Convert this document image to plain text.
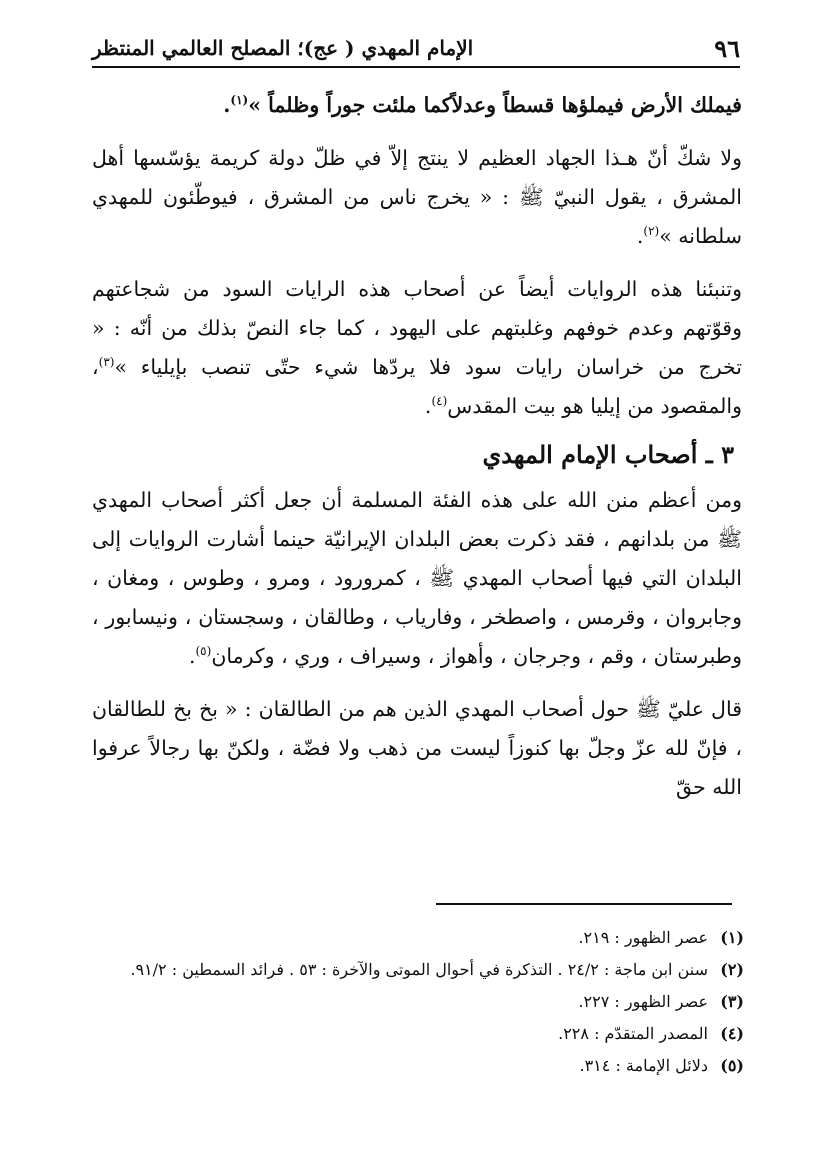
٩٦
الإمام المهدي ( عج)؛ المصلح العالمي المنتظر

فيملك الأرض فيملؤها قسطاً وعدلاًكما ملئت جوراً وظلماً »$^{(١)}$.

ولا شكّ أنّ هـذا الجهاد العظيم لا ينتج إلاّ في ظلّ دولة كريمة يؤسّسها أهل المشرق ، يقول النبيّ ﷺ : « يخرج ناس من المشرق ، فيوطّئون للمهدي سلطانه »$^{(٢)}$.

وتنبئنا هذه الروايات أيضاً عن أصحاب هذه الرايات السود من شجاعتهم وقوّتهم وعدم خوفهم وغلبتهم على اليهود ، كما جاء النصّ بذلك من أنّه : « تخرج من خراسان رايات سود فلا يردّها شيء حتّى تنصب بإيلياء »$^{(٣)}$، والمقصود من إيليا هو بيت المقدس$^{(٤)}$.

٣ ـ أصحاب الإمام المهدي

ومن أعظم منن الله على هذه الفئة المسلمة أن جعل أكثر أصحاب المهدي ﷺ من بلدانهم ، فقد ذكرت بعض البلدان الإيرانيّة حينما أشارت الروايات إلى البلدان التي فيها أصحاب المهدي ﷺ ، كمرورود ، ومرو ، وطوس ، ومغان ، وجابروان ، وقرمس ، واصطخر ، وفارياب ، وطالقان ، وسجستان ، ونيسابور ، وطبرستان ، وقم ، وجرجان ، وأهواز ، وسيراف ، وري ، وكرمان$^{(٥)}$.

قال عليّ ﷺ حول أصحاب المهدي الذين هم من الطالقان : « بخ بخ للطالقان ، فإنّ لله عزّ وجلّ بها كنوزاً ليست من ذهب ولا فضّة ، ولكنّ بها رجالاً عرفوا الله حقّ

(١)
عصر الظهور : ٢١٩.
(٢)
سنن ابن ماجة : ٢٤/٢ . التذكرة في أحوال الموتى والآخرة : ٥٣ . فرائد السمطين : ٩١/٢.
(٣)
عصر الظهور : ٢٢٧.
(٤)
المصدر المتقدّم : ٢٢٨.
(٥)
دلائل الإمامة : ٣١٤.
